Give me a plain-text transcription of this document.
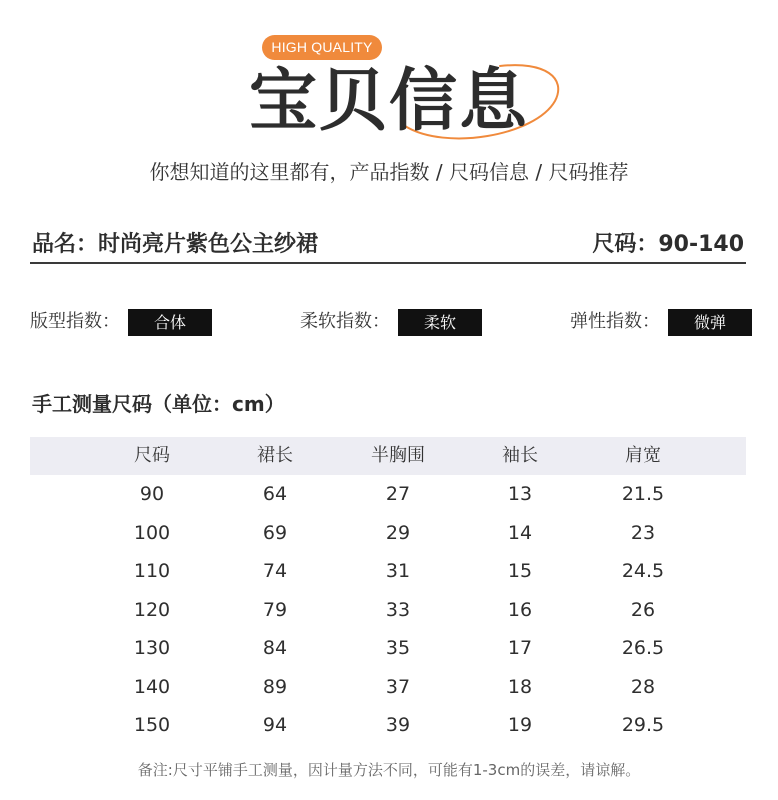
HIGH QUALITY
宝贝信息
你想知道的这里都有，产品指数 / 尺码信息 / 尺码推荐
品名：时尚亮片紫色公主纱裙	尺码：90-140
版型指数：	合体	柔软指数：	柔软	弹性指数：	微弹
手工测量尺码（单位：cm）
尺码	裙长	半胸围	袖长	肩宽
90	64	27	13	21.5
100	69	29	14	23
110	74	31	15	24.5
120	79	33	16	26
130	84	35	17	26.5
140	89	37	18	28
150	94	39	19	29.5
备注:尺寸平铺手工测量，因计量方法不同，可能有1-3cm的误差，请谅解。
